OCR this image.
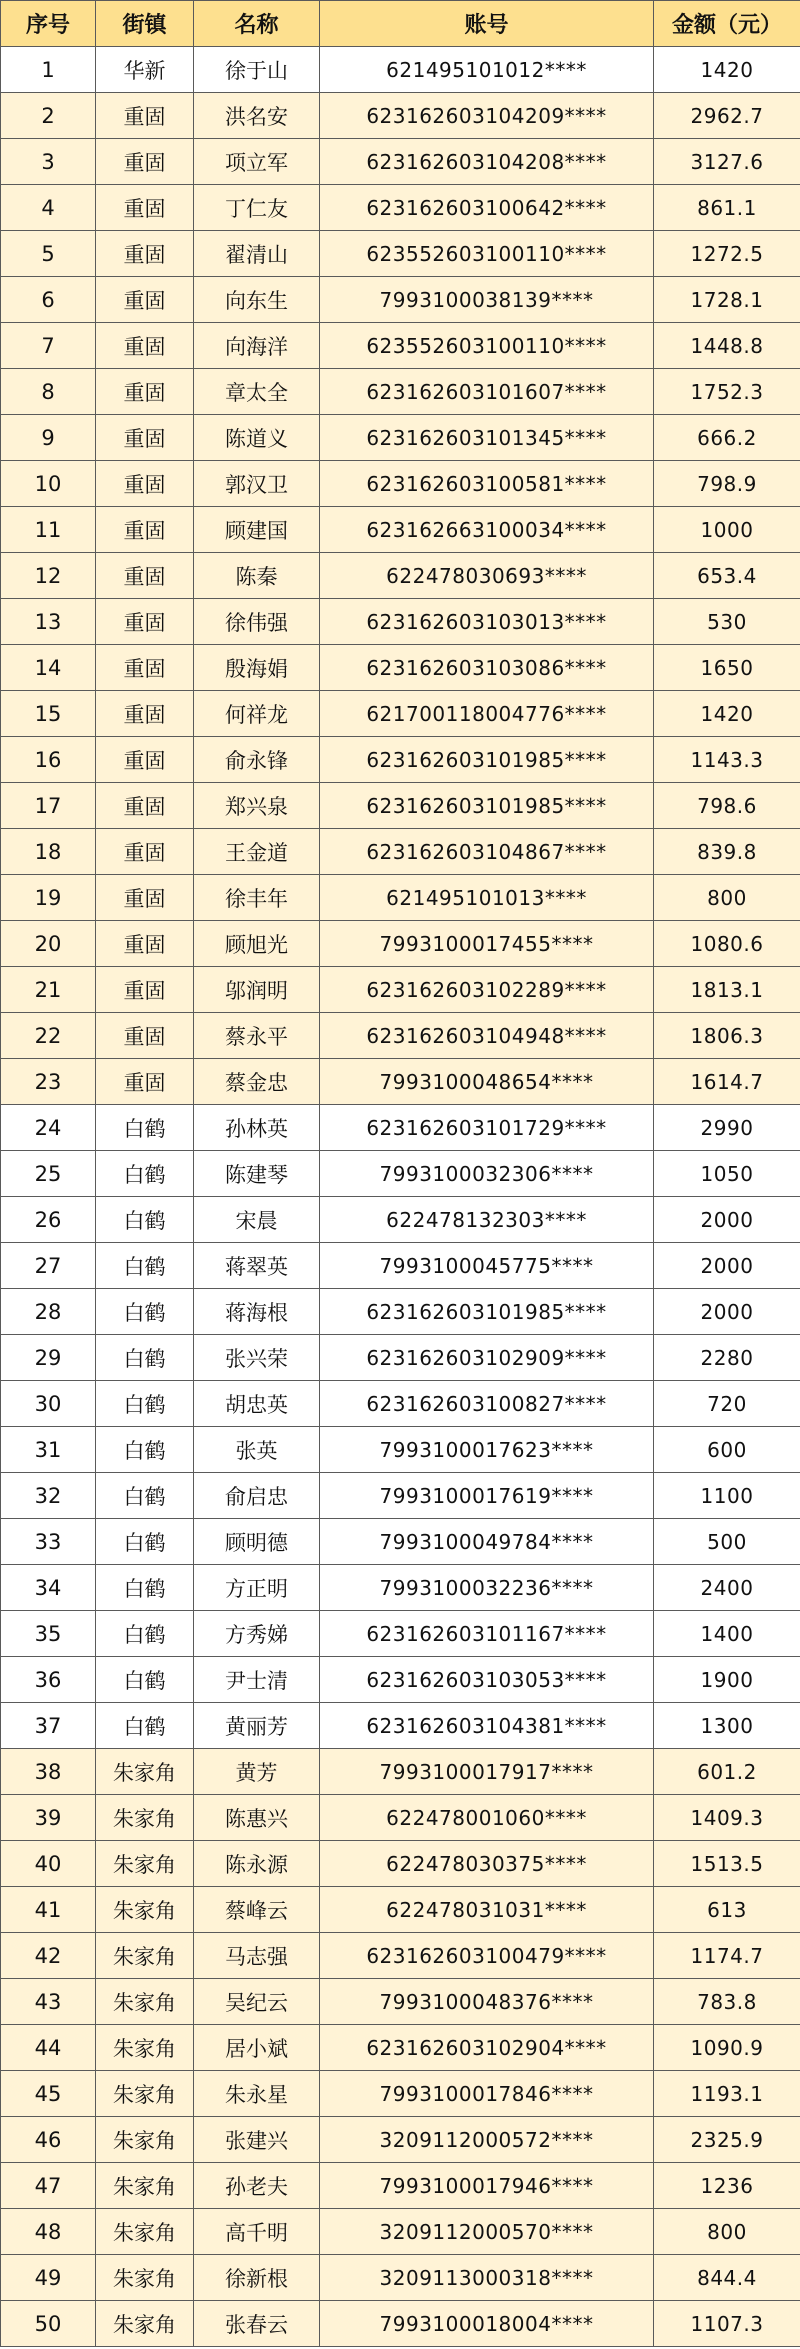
序号	街镇	名称	账号	金额（元）
1	华新	徐于山	621495101012****	1420
2	重固	洪名安	623162603104209****	2962.7
3	重固	项立军	623162603104208****	3127.6
4	重固	丁仁友	623162603100642****	861.1
5	重固	翟清山	623552603100110****	1272.5
6	重固	向东生	7993100038139****	1728.1
7	重固	向海洋	623552603100110****	1448.8
8	重固	章太全	623162603101607****	1752.3
9	重固	陈道义	623162603101345****	666.2
10	重固	郭汉卫	623162603100581****	798.9
11	重固	顾建国	623162663100034****	1000
12	重固	陈秦	622478030693****	653.4
13	重固	徐伟强	623162603103013****	530
14	重固	殷海娟	623162603103086****	1650
15	重固	何祥龙	621700118004776****	1420
16	重固	俞永锋	623162603101985****	1143.3
17	重固	郑兴泉	623162603101985****	798.6
18	重固	王金道	623162603104867****	839.8
19	重固	徐丰年	621495101013****	800
20	重固	顾旭光	7993100017455****	1080.6
21	重固	邬润明	623162603102289****	1813.1
22	重固	蔡永平	623162603104948****	1806.3
23	重固	蔡金忠	7993100048654****	1614.7
24	白鹤	孙林英	623162603101729****	2990
25	白鹤	陈建琴	7993100032306****	1050
26	白鹤	宋晨	622478132303****	2000
27	白鹤	蒋翠英	7993100045775****	2000
28	白鹤	蒋海根	623162603101985****	2000
29	白鹤	张兴荣	623162603102909****	2280
30	白鹤	胡忠英	623162603100827****	720
31	白鹤	张英	7993100017623****	600
32	白鹤	俞启忠	7993100017619****	1100
33	白鹤	顾明德	7993100049784****	500
34	白鹤	方正明	7993100032236****	2400
35	白鹤	方秀娣	623162603101167****	1400
36	白鹤	尹士清	623162603103053****	1900
37	白鹤	黄丽芳	623162603104381****	1300
38	朱家角	黄芳	7993100017917****	601.2
39	朱家角	陈惠兴	622478001060****	1409.3
40	朱家角	陈永源	622478030375****	1513.5
41	朱家角	蔡峰云	622478031031****	613
42	朱家角	马志强	623162603100479****	1174.7
43	朱家角	吴纪云	7993100048376****	783.8
44	朱家角	居小斌	623162603102904****	1090.9
45	朱家角	朱永星	7993100017846****	1193.1
46	朱家角	张建兴	3209112000572****	2325.9
47	朱家角	孙老夫	7993100017946****	1236
48	朱家角	高千明	3209112000570****	800
49	朱家角	徐新根	3209113000318****	844.4
50	朱家角	张春云	7993100018004****	1107.3
